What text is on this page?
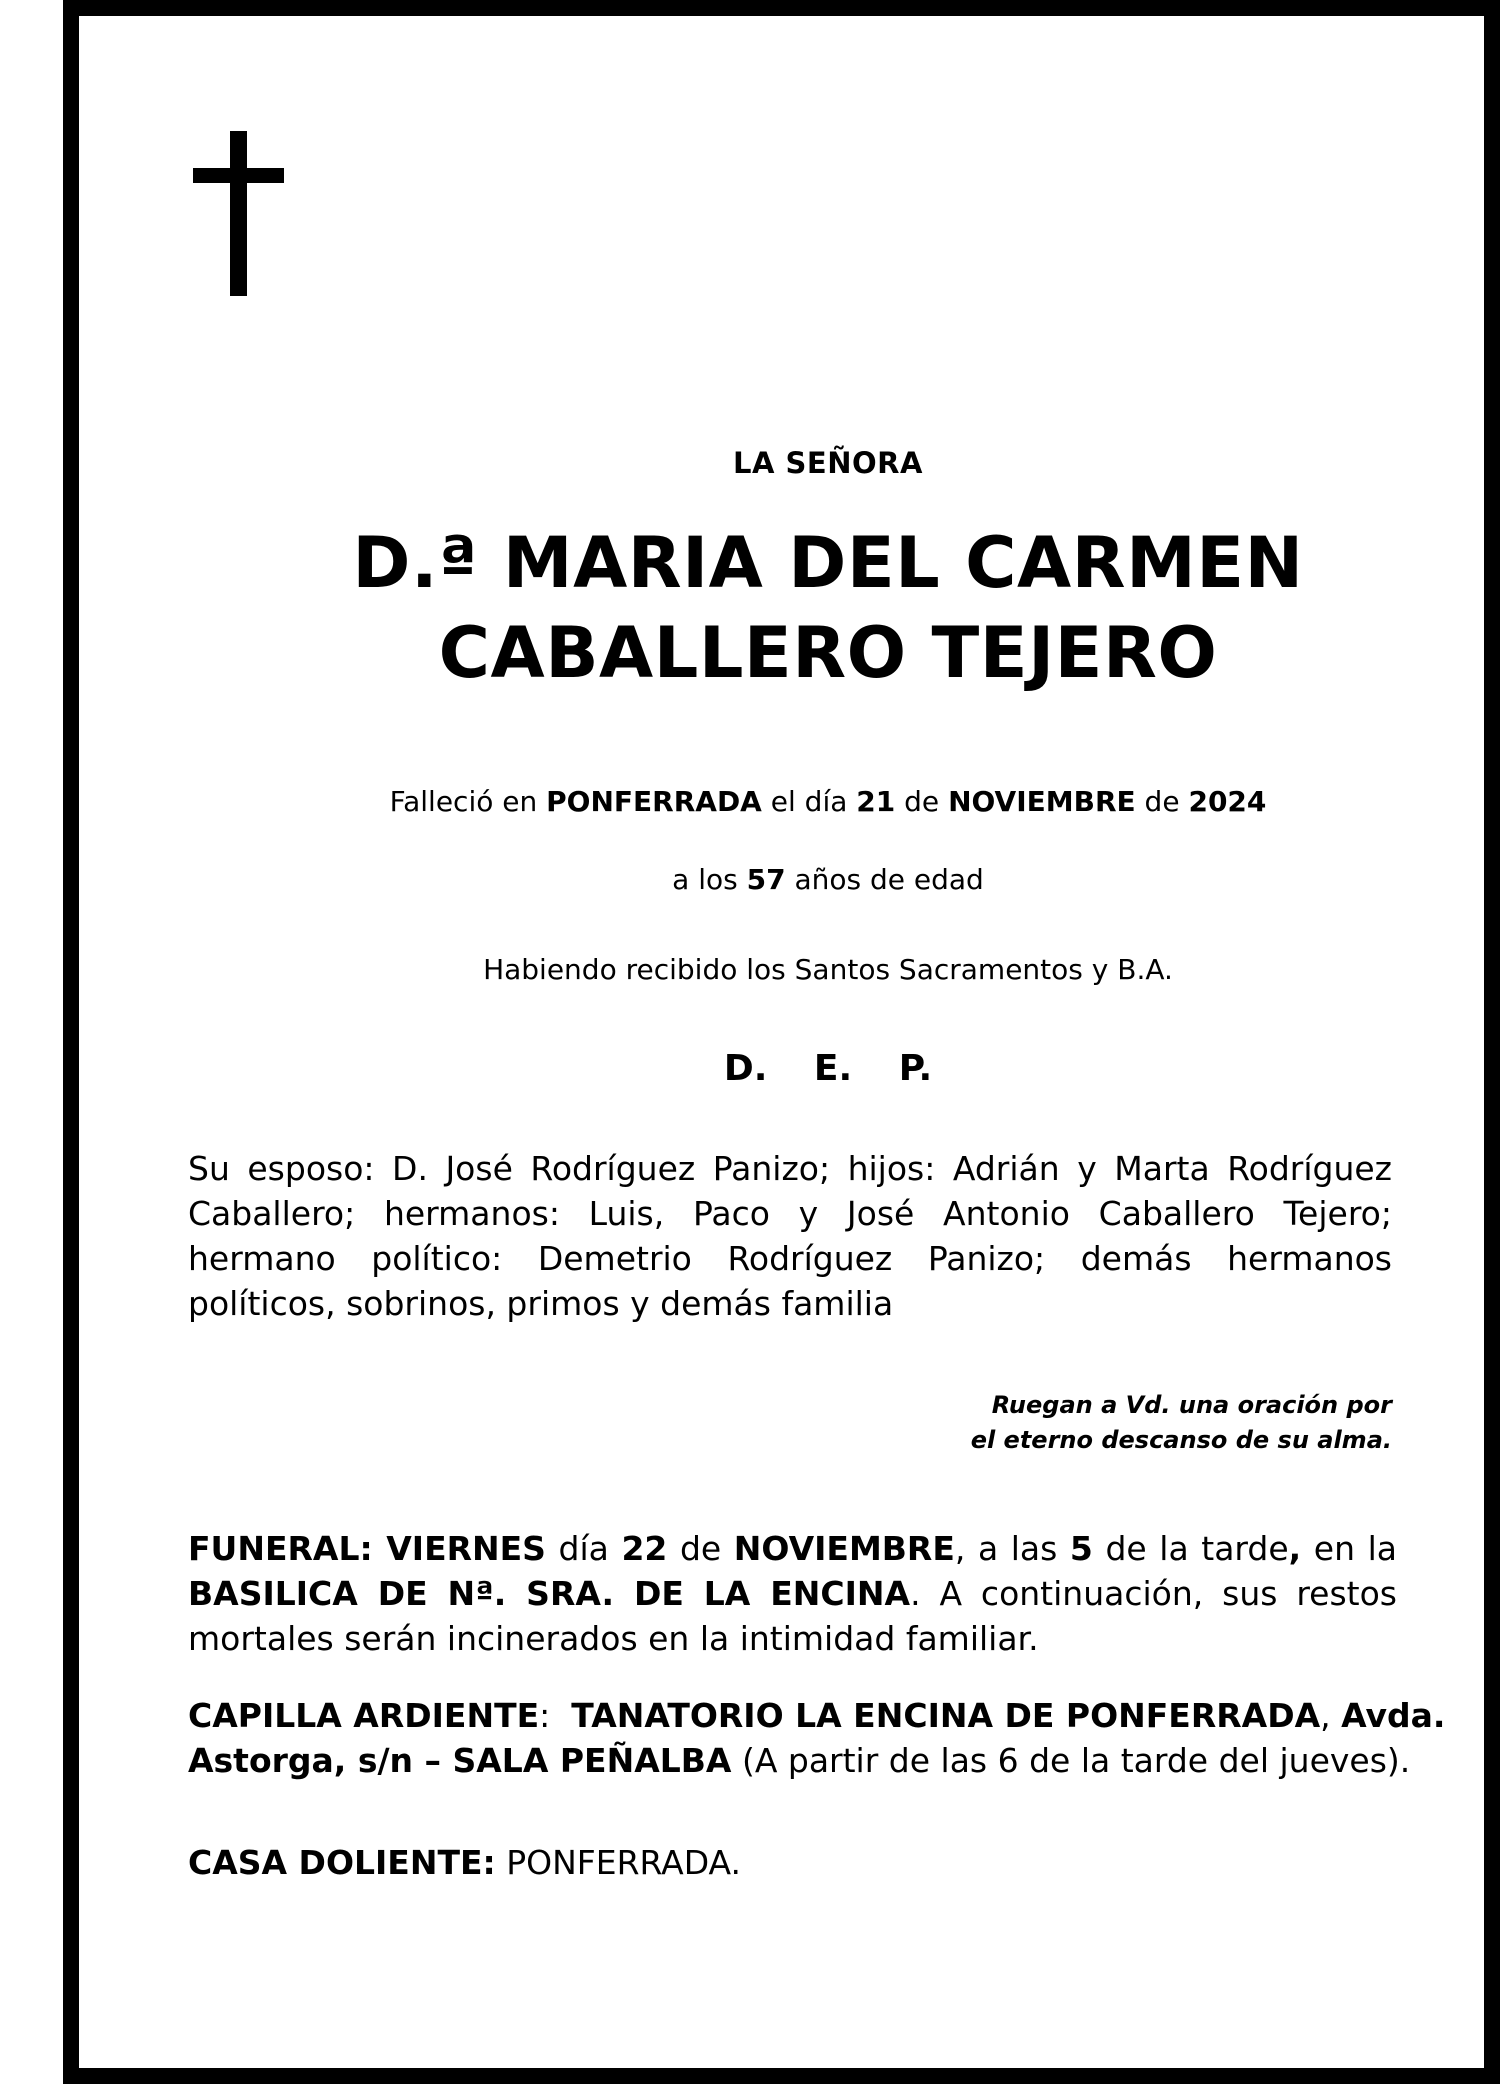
LA SEÑORA
D.ª MARIA DEL CARMEN
CABALLERO TEJERO
Falleció en PONFERRADA el día 21 de NOVIEMBRE de 2024
a los 57 años de edad
Habiendo recibido los Santos Sacramentos y B.A.
D. E. P.
Su esposo: D. José Rodríguez Panizo; hijos: Adrián y Marta Rodríguez
Caballero; hermanos: Luis, Paco y José Antonio Caballero Tejero;
hermano político: Demetrio Rodríguez Panizo; demás hermanos
políticos, sobrinos, primos y demás familia
Ruegan a Vd. una oración por
el eterno descanso de su alma.
FUNERAL: VIERNES día 22 de NOVIEMBRE, a las 5 de la tarde, en la
BASILICA DE Nª. SRA. DE LA ENCINA. A continuación, sus restos
mortales serán incinerados en la intimidad familiar.
CAPILLA ARDIENTE:  TANATORIO LA ENCINA DE PONFERRADA, Avda.
Astorga, s/n – SALA PEÑALBA (A partir de las 6 de la tarde del jueves).
CASA DOLIENTE: PONFERRADA.
